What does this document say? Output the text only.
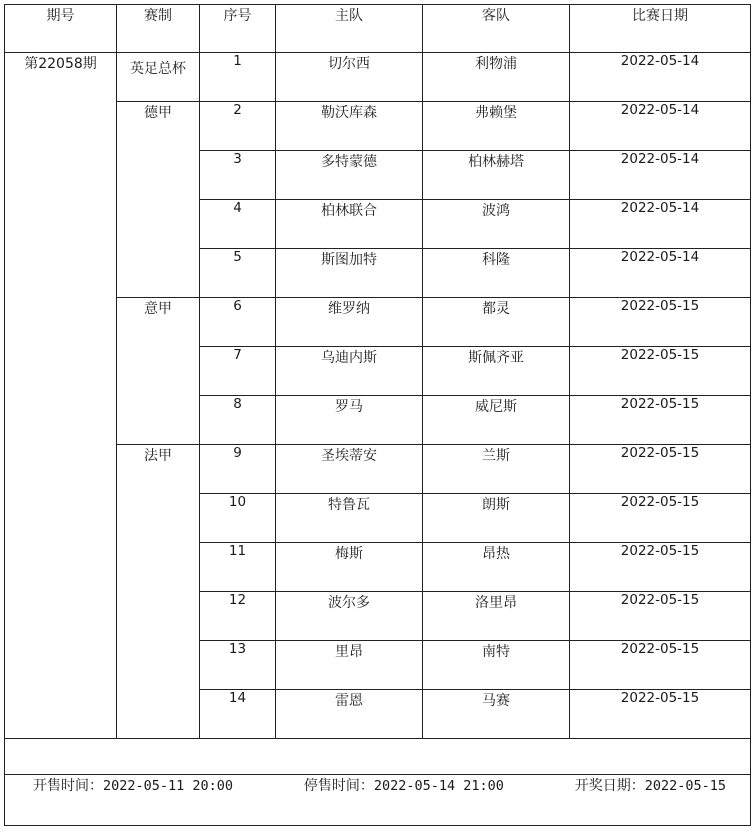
期号	赛制	序号	主队	客队	比赛日期
第22058期	英足总杯	1	切尔西	利物浦	2022-05-14
	德甲	2	勒沃库森	弗赖堡	2022-05-14
		3	多特蒙德	柏林赫塔	2022-05-14
		4	柏林联合	波鸿	2022-05-14
		5	斯图加特	科隆	2022-05-14
	意甲	6	维罗纳	都灵	2022-05-15
		7	乌迪内斯	斯佩齐亚	2022-05-15
		8	罗马	威尼斯	2022-05-15
	法甲	9	圣埃蒂安	兰斯	2022-05-15
		10	特鲁瓦	朗斯	2022-05-15
		11	梅斯	昂热	2022-05-15
		12	波尔多	洛里昂	2022-05-15
		13	里昂	南特	2022-05-15
		14	雷恩	马赛	2022-05-15

开售时间：2022-05-11 20:00 停售时间：2022-05-14 21:00 开奖日期：2022-05-15					
